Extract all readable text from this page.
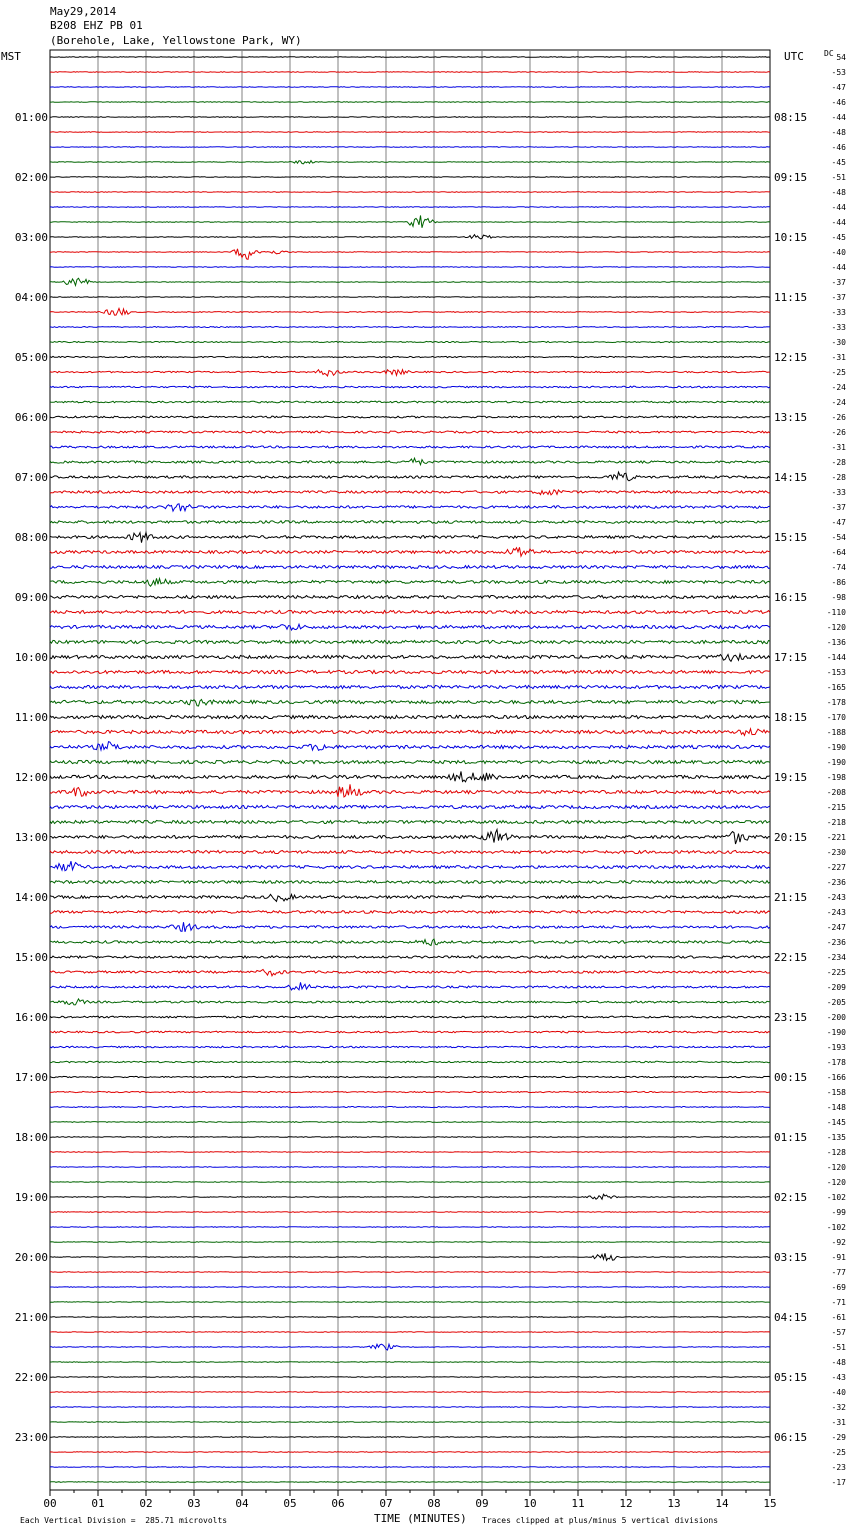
54
-53
-47
-46
-44
-48
-46
-45
-51
-48
-44
-44
-45
-40
-44
-37
-37
-33
-33
-30
-31
-25
-24
-24
-26
-26
-31
-28
-28
-33
-37
-47
-54
-64
-74
-86
-98
-110
-120
-136
-144
-153
-165
-178
-170
-188
-190
-190
-198
-208
-215
-218
-221
-230
-227
-236
-243
-243
-247
-236
-234
-225
-209
-205
-200
-190
-193
-178
-166
-158
-148
-145
-135
-128
-120
-120
-102
-99
-102
-92
-91
-77
-69
-71
-61
-57
-51
-48
-43
-40
-32
-31
-29
-25
-23
-17
01:00
02:00
03:00
04:00
05:00
06:00
07:00
08:00
09:00
10:00
11:00
12:00
13:00
14:00
15:00
16:00
17:00
18:00
19:00
20:00
21:00
22:00
23:00
08:15
09:15
10:15
11:15
12:15
13:15
14:15
15:15
16:15
17:15
18:15
19:15
20:15
21:15
22:15
23:15
00:15
01:15
02:15
03:15
04:15
05:15
06:15
00	01	02	03	04	05	06	07	08	09	10	11	12	13	14	15
May29,2014
B208 EHZ PB 01
(Borehole, Lake, Yellowstone Park, WY)
MST	UTC	DC
Each Vertical Division =  285.71 microvolts	TIME (MINUTES) Traces clipped at plus/minus 5 vertical divisions
